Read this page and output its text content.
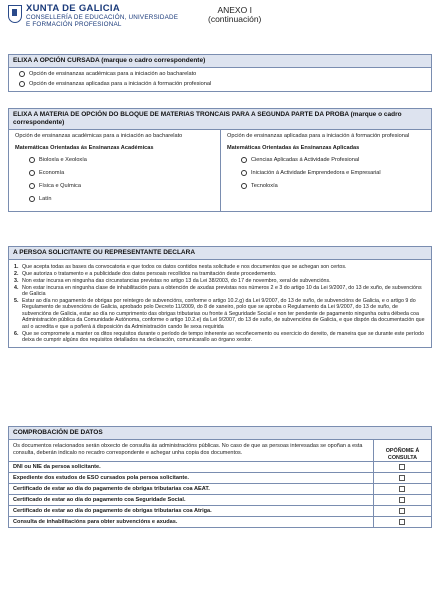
XUNTA DE GALICIA
CONSELLERÍA DE EDUCACIÓN, UNIVERSIDADE
E FORMACIÓN PROFESIONAL
ANEXO I
(continuación)
ELIXA A OPCIÓN CURSADA (marque o cadro correspondente)
Opción de ensinanzas académicas para a iniciación ao bacharelato
Opción de ensinanzas aplicadas para a iniciación á formación profesional
ELIXA A MATERIA DE OPCIÓN DO BLOQUE DE MATERIAS TRONCAIS PARA A SEGUNDA PARTE DA PROBA (marque o cadro correspondente)
Opción de ensinanzas académicas para a iniciación ao bacharelato
Matemáticas Orientadas ás Ensinanzas Académicas
Bioloxía e Xeoloxía
Economía
Física e Química
Latín
Opción de ensinanzas aplicadas para a iniciación á formación profesional
Matemáticas Orientadas ás Ensinanzas Aplicadas
Ciencias Aplicadas á Actividade Profesional
Iniciación á Actividade Emprendedora e Empresarial
Tecnoloxía
A PERSOA SOLICITANTE OU REPRESENTANTE DECLARA
1. Que acepta todas as bases da convocatoria e que todos os datos contidos nesta solicitude e nos documentos que se achegan son certos.
2. Que autoriza o tratamento e a publicidade dos datos persoais recollidos na tramitación deste procedemento.
3. Non estar incursa en ningunha das circunstancias previstas no artigo 13 da Lei 38/2003, do 17 de novembro, xeral de subvencións.
4. Non estar incursa en ningunha clase de inhabilitación para a obtención de axudas previstas nos números 2 e 3 do artigo 10 da Lei 9/2007, do 13 de xuño, de subvencións de Galicia
5. Estar ao día no pagamento de obrigas por reintegro de subvencións, conforme o artigo 10.2.g) da Lei 9/2007, do 13 de xuño, de subvencións de Galicia, e o artigo 9 do Regulamento de subvencións de Galicia, aprobado polo Decreto 11/2009, do 8 de xaneiro, polo que se aproba o Regulamento da Lei 9/2007, do 13 de xuño, de subvencións de Galicia, estar ao día no cumprimento das obrigas tributarias ou fronte á Seguridade Social e non ter pendente de pagamento ningunha outra débeda coa Administración pública da Comunidade Autónoma, conforme o artigo 10.2.e) da Lei 9/2007, do 13 de xuño, de subvencións de Galicia, e que dispón da documentación que así o acredita e que a poñerá á disposición da Administración cando lle sexa requirida
6. Que se compromete a manter os ditos requisitos durante o período de tempo inherente ao recoñecemento ou exercicio do dereito, de maneira que se durante este período deixa de cumprir algúns dos requisitos detallados na declaración, comunicarallo ao órgano xestor.
COMPROBACIÓN DE DATOS
Os documentos relacionados serán obxecto de consulta ás administracións públicas. No caso de que as persoas interesadas se opoñan a esta consulta, deberán indicalo no recadro correspondente e achegar unha copia dos documentos.	OPÓÑOME Á CONSULTA
DNI ou NIE da persoa solicitante.	
Expediente dos estudos de ESO cursados pola persoa solicitante.	
Certificado de estar ao día do pagamento de obrigas tributarias coa AEAT.	
Certificado de estar ao día do pagamento coa Seguridade Social.	
Certificado de estar ao día do pagamento de obrigas tributarias coa Atriga.	
Consulta de inhabilitacións para obter subvencións e axudas.	
